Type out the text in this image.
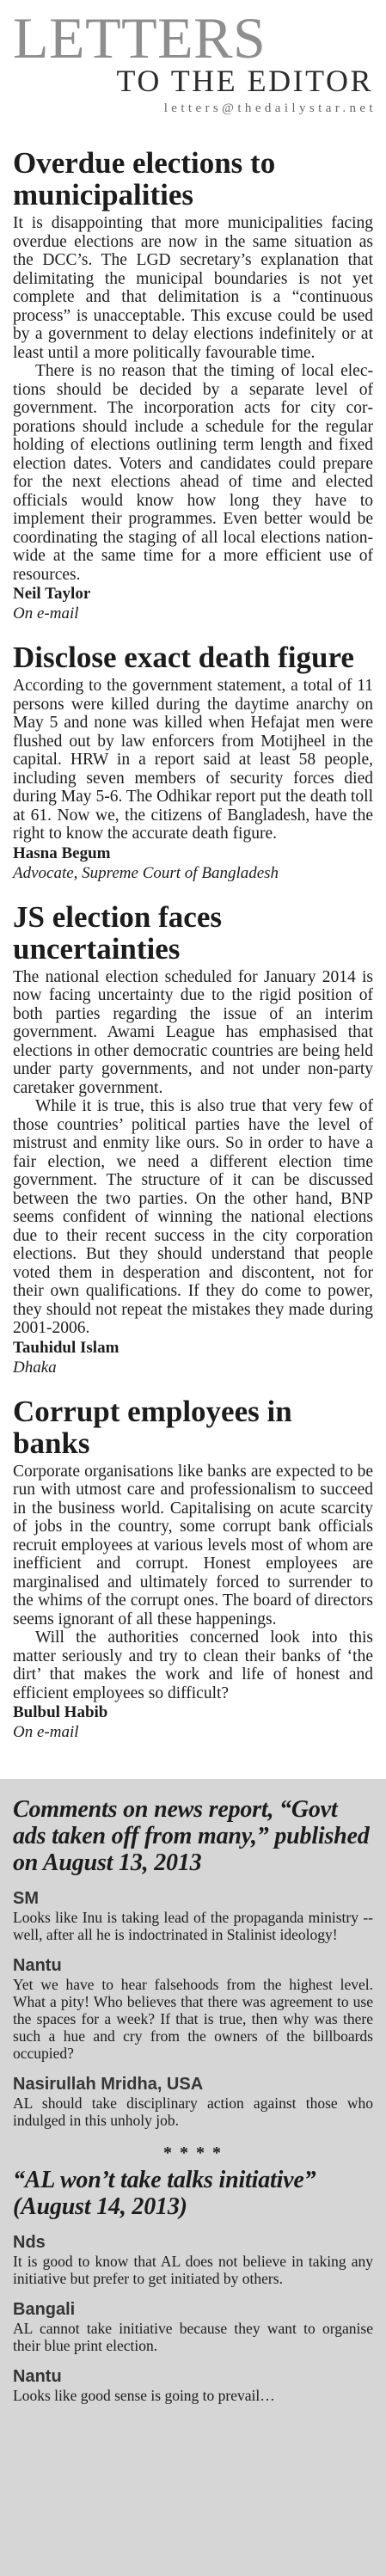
LETTERS
TO THE EDITOR
letters@thedailystar.net
Overdue elections to municipalities

It is disappointing that more municipalities facing overdue elections are now in the same situation as the DCC’s. The LGD secretary’s explanation that delimitating the municipal boundaries is not yet complete and that delimitation is a “continuous process” is unacceptable. This excuse could be used by a government to delay elections indefinitely or at least until a more politically favourable time.

There is no reason that the timing of local elections should be decided by a separate level of government. The incorporation acts for city corporations should include a schedule for the regular holding of elections outlining term length and fixed election dates. Voters and candidates could prepare for the next elections ahead of time and elected officials would know how long they have to implement their programmes. Even better would be coordinating the staging of all local elections nation-wide at the same time for a more efficient use of resources.

Neil Taylor
On e-mail
Disclose exact death figure

According to the government statement, a total of 11 persons were killed during the daytime anarchy on May 5 and none was killed when Hefajat men were flushed out by law enforcers from Motijheel in the capital. HRW in a report said at least 58 people, including seven members of security forces died during May 5-6. The Odhikar report put the death toll at 61. Now we, the citizens of Bangladesh, have the right to know the accurate death figure.

Hasna Begum
Advocate, Supreme Court of Bangladesh
JS election faces uncertainties

The national election scheduled for January 2014 is now facing uncertainty due to the rigid position of both parties regarding the issue of an interim government. Awami League has emphasised that elections in other democratic countries are being held under party governments, and not under non-party caretaker government.

While it is true, this is also true that very few of those countries’ political parties have the level of mistrust and enmity like ours. So in order to have a fair election, we need a different election time government. The structure of it can be discussed between the two parties. On the other hand, BNP seems confident of winning the national elections due to their recent success in the city corporation elections. But they should understand that people voted them in desperation and discontent, not for their own qualifications. If they do come to power, they should not repeat the mistakes they made during 2001-2006.

Tauhidul Islam
Dhaka
Corrupt employees in banks

Corporate organisations like banks are expected to be run with utmost care and professionalism to succeed in the business world. Capitalising on acute scarcity of jobs in the country, some corrupt bank officials recruit employees at various levels most of whom are inefficient and corrupt. Honest employees are marginalised and ultimately forced to surrender to the whims of the corrupt ones. The board of directors seems ignorant of all these happenings.

Will the authorities concerned look into this matter seriously and try to clean their banks of ‘the dirt’ that makes the work and life of honest and efficient employees so difficult?

Bulbul Habib
On e-mail
Comments on news report, “Govt ads taken off from many,” published on August 13, 2013
SM

Looks like Inu is taking lead of the propaganda ministry -- well, after all he is indoctrinated in Stalinist ideology!

Nantu

Yet we have to hear falsehoods from the highest level. What a pity! Who believes that there was agreement to use the spaces for a week? If that is true, then why was there such a hue and cry from the owners of the billboards occupied?

Nasirullah Mridha, USA

AL should take disciplinary action against those who indulged in this unholy job.

* * * *
“AL won’t take talks initiative” (August 14, 2013)
Nds

It is good to know that AL does not believe in taking any initiative but prefer to get initiated by others.

Bangali

AL cannot take initiative because they want to organise their blue print election.

Nantu

Looks like good sense is going to prevail…
